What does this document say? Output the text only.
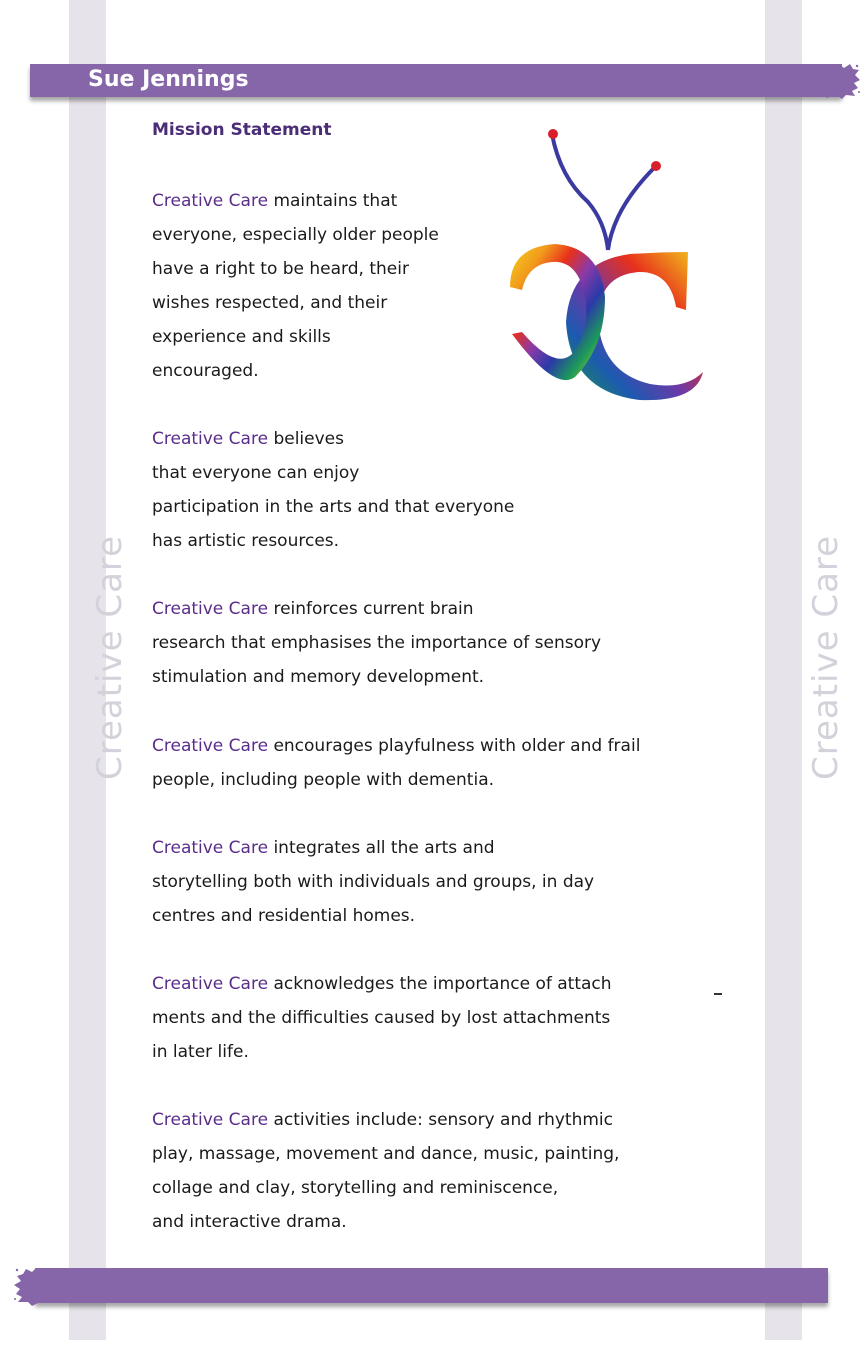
Creative Care	Creative Care
Sue Jennings
Mission Statement

Creative Care maintains that
everyone, especially older people
have a right to be heard, their
wishes respected, and their
experience and skills
encouraged.

Creative Care believes
that everyone can enjoy
participation in the arts and that everyone
has artistic resources.

Creative Care reinforces current brain
research that emphasises the importance of sensory
stimulation and memory development.

Creative Care encourages playfulness with older and frail
people, including people with dementia.

Creative Care integrates all the arts and
storytelling both with individuals and groups, in day
centres and residential homes.

Creative Care acknowledges the importance of attach
ments and the difficulties caused by lost attachments
in later life.

Creative Care activities include: sensory and rhythmic
play, massage, movement and dance, music, painting,
collage and clay, storytelling and reminiscence,
and interactive drama.
